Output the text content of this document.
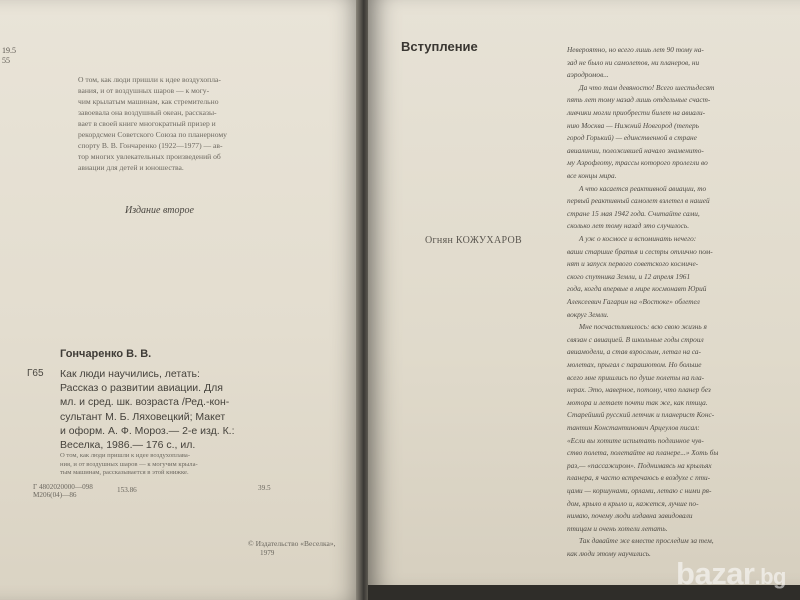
19.5
55
О том, как люди пришли к идее воздухопла-
вания, и от воздушных шаров — к могу-
чим крылатым машинам, как стремительно
завоевала она воздушный океан, рассказы-
вает в своей книге многократный призер и
рекордсмен Советского Союза по планерному
спорту В. В. Гончаренко (1922—1977) — ав-
тор многих увлекательных произведений об
авиации для детей и юношества.
Издание второе
Гончаренко В. В.
Г65 Как люди научились, летать:
Рассказ о развитии авиации. Для
мл. и сред. шк. возраста /Ред.-кон-
сультант М. Б. Ляховецкий; Макет
и оформ. А. Ф. Мороз.— 2-е изд. К.:
Веселка, 1986.— 176 с., ил.
О том, как люди пришли к идее воздухоплава-
ния, и от воздушных шаров — к могучим крыла-
тым машинам, рассказывается в этой книжке.
Г 4802020000—098
М206(04)—86
153.86	39.5
© Издательство «Веселка»,
1979
Вступление
Огнян КОЖУХАРОВ
Невероятно, но всего лишь лет 90 тому на-
зад не было ни самолетов, ни планеров, ни
аэродромов...
Да что там девяносто! Всего шестьдесят
пять лет тому назад лишь отдельные счаст-
ливчики могли приобрести билет на авиали-
нию Москва — Нижний Новгород (теперь
город Горький) — единственной в стране
авиалинии, положившей начало знаменито-
му Аэрофлоту, трассы которого пролегли во
все концы мира.
А что касается реактивной авиации, то
первый реактивный самолет взлетел в нашей
стране 15 мая 1942 года. Считайте сами,
сколько лет тому назад это случилось.
А уж о космосе и вспоминать нечего:
ваши старшие братья и сестры отлично пом-
нят и запуск первого советского космиче-
ского спутника Земли, и 12 апреля 1961
года, когда впервые в мире космонавт Юрий
Алексеевич Гагарин на «Востоке» облетел
вокруг Земли.
Мне посчастливилось: всю свою жизнь я
связан с авиацией. В школьные годы строил
авиамодели, а став взрослым, летал на са-
молетах, прыгал с парашютом. Но больше
всего мне пришлись по душе полеты на пла-
нерах. Это, наверное, потому, что планер без
мотора и летает почти так же, как птица.
Старейший русский летчик и планерист Конс-
тантин Константинович Арцеулов писал:
«Если вы хотите испытать подлинное чув-
ство полета, полетайте на планере...» Хоть бы
раз,— «пассажиром». Поднимаясь на крыльях
планера, я часто встречаюсь в воздухе с пти-
цами — коршунами, орлами, летаю с ними ря-
дом, крыло в крыло и, кажется, лучше по-
нимаю, почему люди издавна завидовали
птицам и очень хотели летать.
Так давайте же вместе проследим за тем,
как люди этому научились.
bazar.bg
